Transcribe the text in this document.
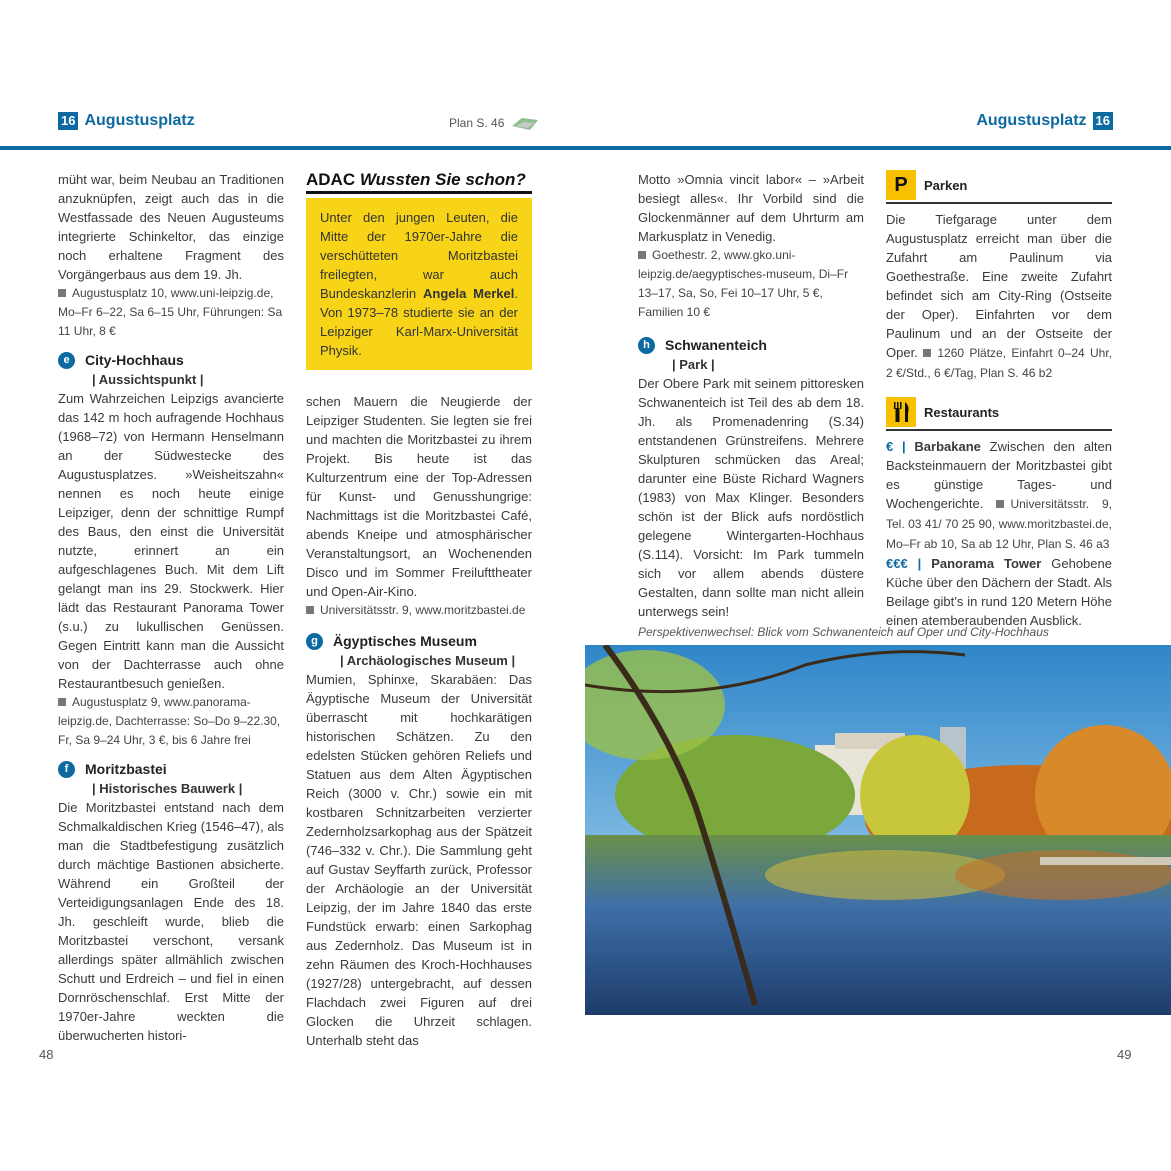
16 Augustusplatz	Plan S. 46	Augustusplatz 16

müht war, beim Neubau an Traditionen anzuknüpfen, zeigt auch das in die Westfassade des Neuen Augusteums integrierte Schinkeltor, das einzige noch erhaltene Fragment des Vorgängerbaus aus dem 19. Jh.

Augustusplatz 10, www.uni-leipzig.de, Mo–Fr 6–22, Sa 6–15 Uhr, Führungen: Sa 11 Uhr, 8 €

e	City-Hochhaus
| Aussichtspunkt |

Zum Wahrzeichen Leipzigs avancierte das 142 m hoch aufragende Hochhaus (1968–72) von Hermann Henselmann an der Südwestecke des Augustusplatzes. »Weisheitszahn« nennen es noch heute einige Leipziger, denn der schnittige Rumpf des Baus, den einst die Universität nutzte, erinnert an ein aufgeschlagenes Buch. Mit dem Lift gelangt man ins 29. Stockwerk. Hier lädt das Restaurant Panorama Tower (s.u.) zu lukullischen Genüssen. Gegen Eintritt kann man die Aussicht von der Dachterrasse auch ohne Restaurantbesuch genießen.

Augustusplatz 9, www.panorama-leipzig.de, Dachterrasse: So–Do 9–22.30, Fr, Sa 9–24 Uhr, 3 €, bis 6 Jahre frei

f	Moritzbastei
| Historisches Bauwerk |

Die Moritzbastei entstand nach dem Schmalkaldischen Krieg (1546–47), als man die Stadtbefestigung zusätzlich durch mächtige Bastionen absicherte. Während ein Großteil der Verteidigungsanlagen Ende des 18. Jh. geschleift wurde, blieb die Moritzbastei verschont, versank allerdings später allmählich zwischen Schutt und Erdreich – und fiel in einen Dornröschenschlaf. Erst Mitte der 1970er-Jahre weckten die überwucherten histori-

ADAC Wussten Sie schon?
Unter den jungen Leuten, die Mitte der 1970er-Jahre die verschütteten Moritzbastei freilegten, war auch Bundeskanzlerin Angela Merkel. Von 1973–78 studierte sie an der Leipziger Karl-Marx-Universität Physik.

schen Mauern die Neugierde der Leipziger Studenten. Sie legten sie frei und machten die Moritzbastei zu ihrem Projekt. Bis heute ist das Kulturzentrum eine der Top-Adressen für Kunst- und Genusshungrige: Nachmittags ist die Moritzbastei Café, abends Kneipe und atmosphärischer Veranstaltungsort, an Wochenenden Disco und im Sommer Freilufttheater und Open-Air-Kino.

Universitätsstr. 9, www.moritzbastei.de

g	Ägyptisches Museum
| Archäologisches Museum |

Mumien, Sphinxe, Skarabäen: Das Ägyptische Museum der Universität überrascht mit hochkarätigen historischen Schätzen. Zu den edelsten Stücken gehören Reliefs und Statuen aus dem Alten Ägyptischen Reich (3000 v. Chr.) sowie ein mit kostbaren Schnitzarbeiten verzierter Zedernholzsarkophag aus der Spätzeit (746–332 v. Chr.). Die Sammlung geht auf Gustav Seyffarth zurück, Professor der Archäologie an der Universität Leipzig, der im Jahre 1840 das erste Fundstück erwarb: einen Sarkophag aus Zedernholz. Das Museum ist in zehn Räumen des Kroch-Hochhauses (1927/28) untergebracht, auf dessen Flachdach zwei Figuren auf drei Glocken die Uhrzeit schlagen. Unterhalb steht das

Motto »Omnia vincit labor« – »Arbeit besiegt alles«. Ihr Vorbild sind die Glockenmänner auf dem Uhrturm am Markusplatz in Venedig.

Goethestr. 2, www.gko.uni-leipzig.de/aegyptisches-museum, Di–Fr 13–17, Sa, So, Fei 10–17 Uhr, 5 €, Familien 10 €

h	Schwanenteich
| Park |

Der Obere Park mit seinem pittoresken Schwanenteich ist Teil des ab dem 18. Jh. als Promenadenring (S.34) entstandenen Grünstreifens. Mehrere Skulpturen schmücken das Areal; darunter eine Büste Richard Wagners (1983) von Max Klinger. Besonders schön ist der Blick aufs nordöstlich gelegene Wintergarten-Hochhaus (S.114). Vorsicht: Im Park tummeln sich vor allem abends düstere Gestalten, dann sollte man nicht allein unterwegs sein!

P	Parken

Die Tiefgarage unter dem Augustusplatz erreicht man über die Zufahrt am Paulinum via Goethestraße. Eine zweite Zufahrt befindet sich am City-Ring (Ostseite der Oper). Einfahrten vor dem Paulinum und an der Ostseite der Oper. 1260 Plätze, Einfahrt 0–24 Uhr, 2 €/Std., 6 €/Tag, Plan S. 46 b2

Restaurants

€ | Barbakane Zwischen den alten Backsteinmauern der Moritzbastei gibt es günstige Tages- und Wochengerichte. Universitätsstr. 9, Tel. 03 41/ 70 25 90, www.moritzbastei.de, Mo–Fr ab 10, Sa ab 12 Uhr, Plan S. 46 a3

€€€ | Panorama Tower Gehobene Küche über den Dächern der Stadt. Als Beilage gibt’s in rund 120 Metern Höhe einen atemberaubenden Ausblick.

Perspektivenwechsel: Blick vom Schwanenteich auf Oper und City-Hochhaus
48	49
